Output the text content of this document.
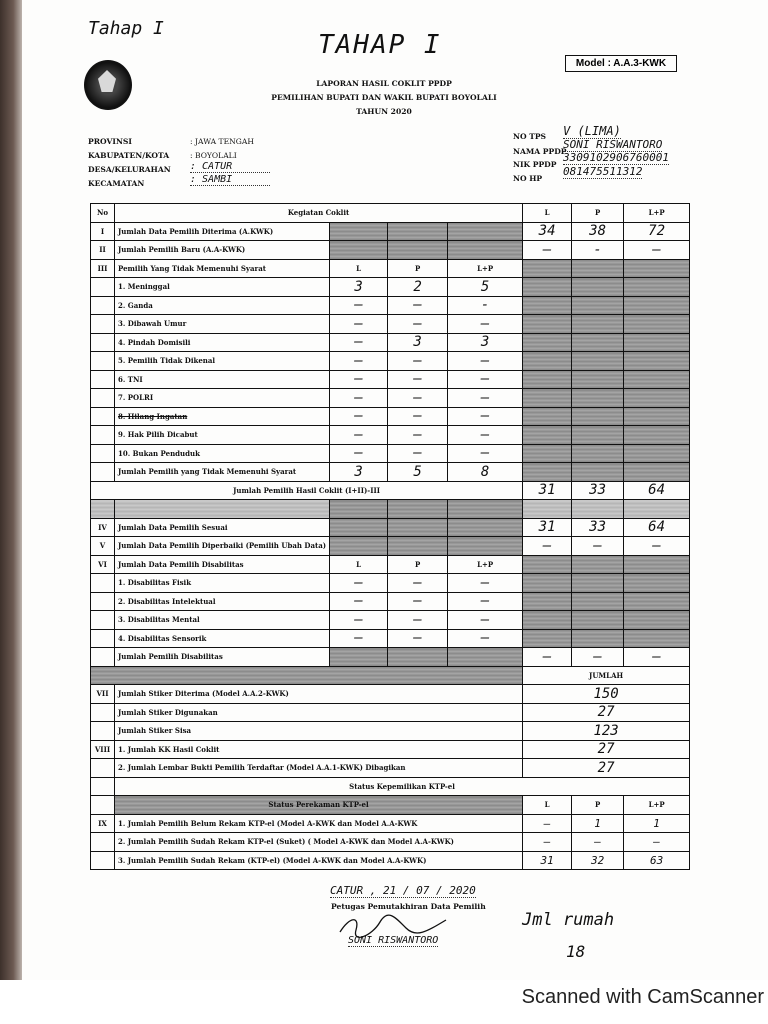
Tahap I
TAHAP I
Model : A.A.3-KWK
LAPORAN HASIL COKLIT PPDP
PEMILIHAN BUPATI DAN WAKIL BUPATI BOYOLALI
TAHUN 2020
PROVINSI	: JAWA TENGAH
KABUPATEN/KOTA	: BOYOLALI
DESA/KELURAHAN : CATUR
KECAMATAN	: SAMBI
NO TPS V (LIMA)
NAMA PPDP
SONI RISWANTORO
NIK PPDP
3309102906760001
NO HP
081475511312
No	Kegiatan Coklit				L	P	L+P
I	Jumlah Data Pemilih Diterima (A.KWK)				34	38	72
II	Jumlah Pemilih Baru (A.A-KWK)				—	-	—
III	Pemilih Yang Tidak Memenuhi Syarat	L	P	L+P			
	1. Meninggal	3	2	5			
	2. Ganda	—	—	-			
	3. Dibawah Umur	—	—	—			
	4. Pindah Domisili	—	3	3			
	5. Pemilih Tidak Dikenal	—	—	—			
	6. TNI	—	—	—			
	7. POLRI	—	—	—			
	8. Hilang Ingatan	—	—	—			
	9. Hak Pilih Dicabut	—	—	—			
	10. Bukan Penduduk	—	—	—			
	Jumlah Pemilih yang Tidak Memenuhi Syarat	3	5	8			
Jumlah Pemilih Hasil Coklit (I+II)-III					31	33	64

IV	Jumlah Data Pemilih Sesuai				31	33	64
V	Jumlah Data Pemilih Diperbaiki (Pemilih Ubah Data)				—	—	—
VI	Jumlah Data Pemilih Disabilitas	L	P	L+P			
	1. Disabilitas Fisik	—	—	—			
	2. Disabilitas Intelektual	—	—	—			
	3. Disabilitas Mental	—	—	—			
	4. Disabilitas Sensorik	—	—	—			
	Jumlah Pemilih Disabilitas				—	—	—
					JUMLAH		
VII	Jumlah Stiker Diterima (Model A.A.2-KWK)				150		
	Jumlah Stiker Digunakan				27		
	Jumlah Stiker Sisa				123		
VIII	1. Jumlah KK Hasil Coklit				27		
	2. Jumlah Lembar Bukti Pemilih Terdaftar (Model A.A.1-KWK) Dibagikan				27		
	Status Kepemilikan KTP-el						
	Status Perekaman KTP-el				L	P	L+P
IX	1. Jumlah Pemilih Belum Rekam KTP-el (Model A-KWK dan Model A.A-KWK				—	1	1
	2. Jumlah Pemilih Sudah Rekam KTP-el (Suket) ( Model A-KWK dan Model A.A-KWK)				—	—	—
	3. Jumlah Pemilih Sudah Rekam (KTP-el) (Model A-KWK dan Model A.A-KWK)				31	32	63
CATUR , 21 / 07 / 2020
Petugas Pemutakhiran Data Pemilih
SONI RISWANTORO
Jml rumah
18
Scanned with CamScanner
